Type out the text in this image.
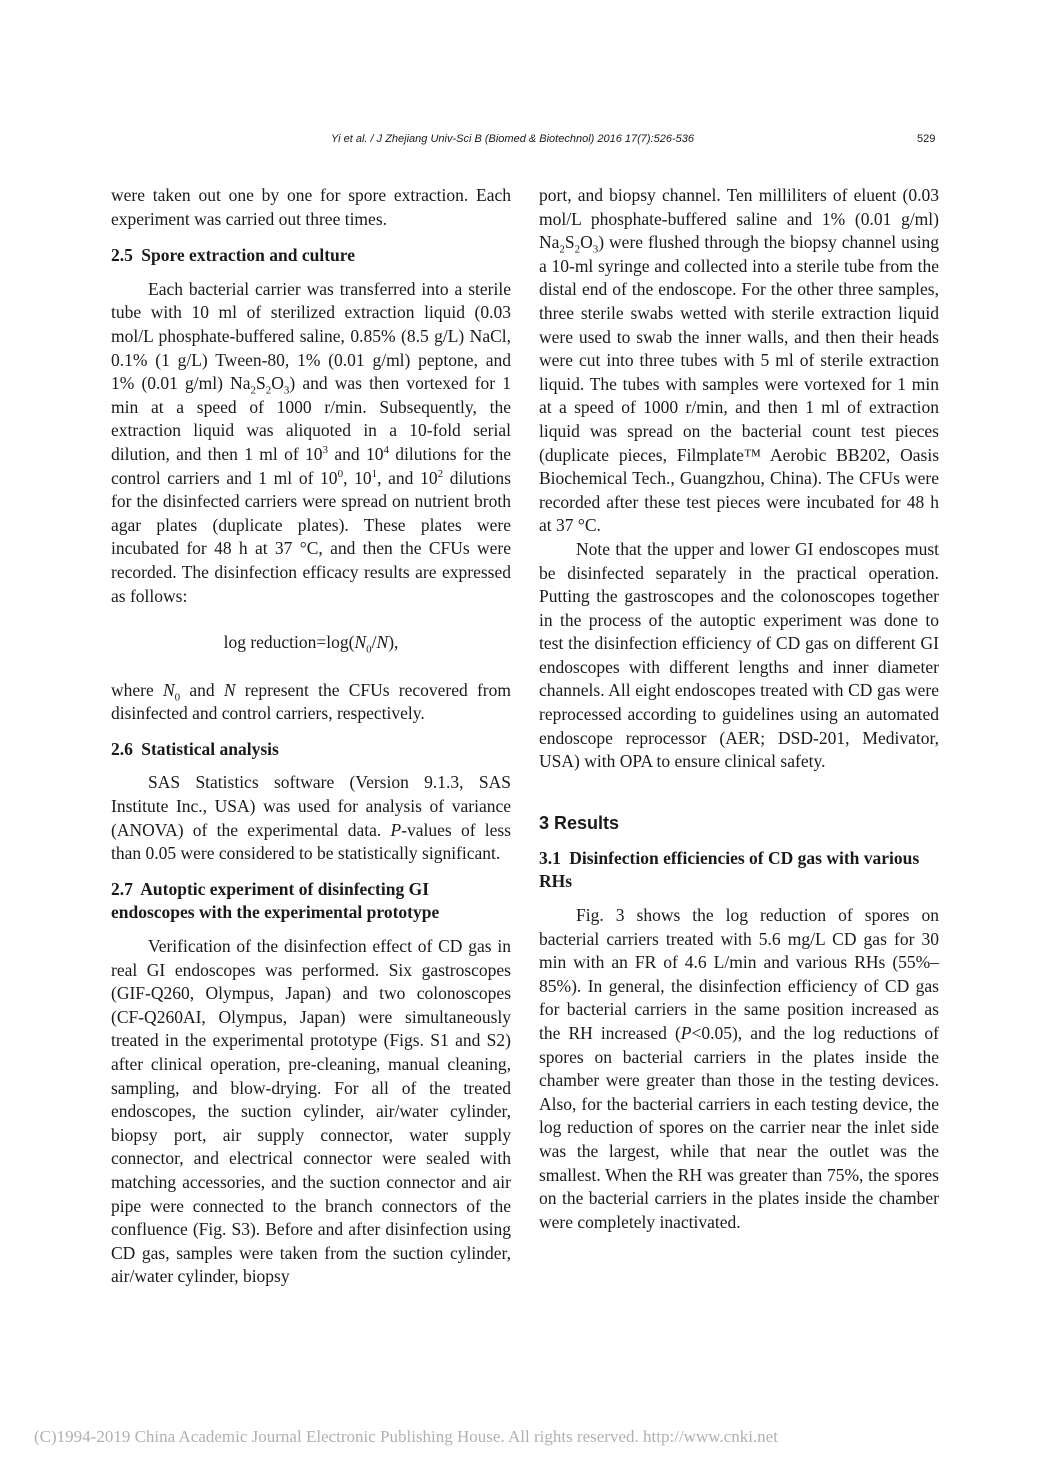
Yi et al. / J Zhejiang Univ-Sci B (Biomed & Biotechnol) 2016 17(7):526-536	529

were taken out one by one for spore extraction. Each experiment was carried out three times.

2.5 Spore extraction and culture

Each bacterial carrier was transferred into a sterile tube with 10 ml of sterilized extraction liquid (0.03 mol/L phosphate-buffered saline, 0.85% (8.5 g/L) NaCl, 0.1% (1 g/L) Tween-80, 1% (0.01 g/ml) peptone, and 1% (0.01 g/ml) $Na_2S_2O_3$) and was then vortexed for 1 min at a speed of 1000 r/min. Subsequently, the extraction liquid was aliquoted in a 10-fold serial dilution, and then 1 ml of $10^3$ and $10^4$ dilutions for the control carriers and 1 ml of $10^0$, $10^1$, and $10^2$ dilutions for the disinfected carriers were spread on nutrient broth agar plates (duplicate plates). These plates were incubated for 48 h at 37 °C, and then the CFUs were recorded. The disinfection efficacy results are expressed as follows:

$\log reduction=\log(N_0/N)$,

where $N_0$ and N represent the CFUs recovered from disinfected and control carriers, respectively.

2.6 Statistical analysis

SAS Statistics software (Version 9.1.3, SAS Institute Inc., USA) was used for analysis of variance (ANOVA) of the experimental data. P-values of less than 0.05 were considered to be statistically significant.

2.7 Autoptic experiment of disinfecting GI endoscopes with the experimental prototype

Verification of the disinfection effect of CD gas in real GI endoscopes was performed. Six gastroscopes (GIF-Q260, Olympus, Japan) and two colonoscopes (CF-Q260AI, Olympus, Japan) were simultaneously treated in the experimental prototype (Figs. S1 and S2) after clinical operation, pre-cleaning, manual cleaning, sampling, and blow-drying. For all of the treated endoscopes, the suction cylinder, air/water cylinder, biopsy port, air supply connector, water supply connector, and electrical connector were sealed with matching accessories, and the suction connector and air pipe were connected to the branch connectors of the confluence (Fig. S3). Before and after disinfection using CD gas, samples were taken from the suction cylinder, air/water cylinder, biopsy

port, and biopsy channel. Ten milliliters of eluent (0.03 mol/L phosphate-buffered saline and 1% (0.01 g/ml) $Na_2S_2O_3$) were flushed through the biopsy channel using a 10-ml syringe and collected into a sterile tube from the distal end of the endoscope. For the other three samples, three sterile swabs wetted with sterile extraction liquid were used to swab the inner walls, and then their heads were cut into three tubes with 5 ml of sterile extraction liquid. The tubes with samples were vortexed for 1 min at a speed of 1000 r/min, and then 1 ml of extraction liquid was spread on the bacterial count test pieces (duplicate pieces, Filmplate™ Aerobic BB202, Oasis Biochemical Tech., Guangzhou, China). The CFUs were recorded after these test pieces were incubated for 48 h at 37 °C.

Note that the upper and lower GI endoscopes must be disinfected separately in the practical operation. Putting the gastroscopes and the colonoscopes together in the process of the autoptic experiment was done to test the disinfection efficiency of CD gas on different GI endoscopes with different lengths and inner diameter channels. All eight endoscopes treated with CD gas were reprocessed according to guidelines using an automated endoscope reprocessor (AER; DSD-201, Medivator, USA) with OPA to ensure clinical safety.

3 Results
3.1 Disinfection efficiencies of CD gas with various RHs

Fig. 3 shows the log reduction of spores on bacterial carriers treated with 5.6 mg/L CD gas for 30 min with an FR of 4.6 L/min and various RHs (55%–85%). In general, the disinfection efficiency of CD gas for bacterial carriers in the same position increased as the RH increased (P<0.05), and the log reductions of spores on bacterial carriers in the plates inside the chamber were greater than those in the testing devices. Also, for the bacterial carriers in each testing device, the log reduction of spores on the carrier near the inlet side was the largest, while that near the outlet was the smallest. When the RH was greater than 75%, the spores on the bacterial carriers in the plates inside the chamber were completely inactivated.

(C)1994-2019 China Academic Journal Electronic Publishing House. All rights reserved. http://www.cnki.net
